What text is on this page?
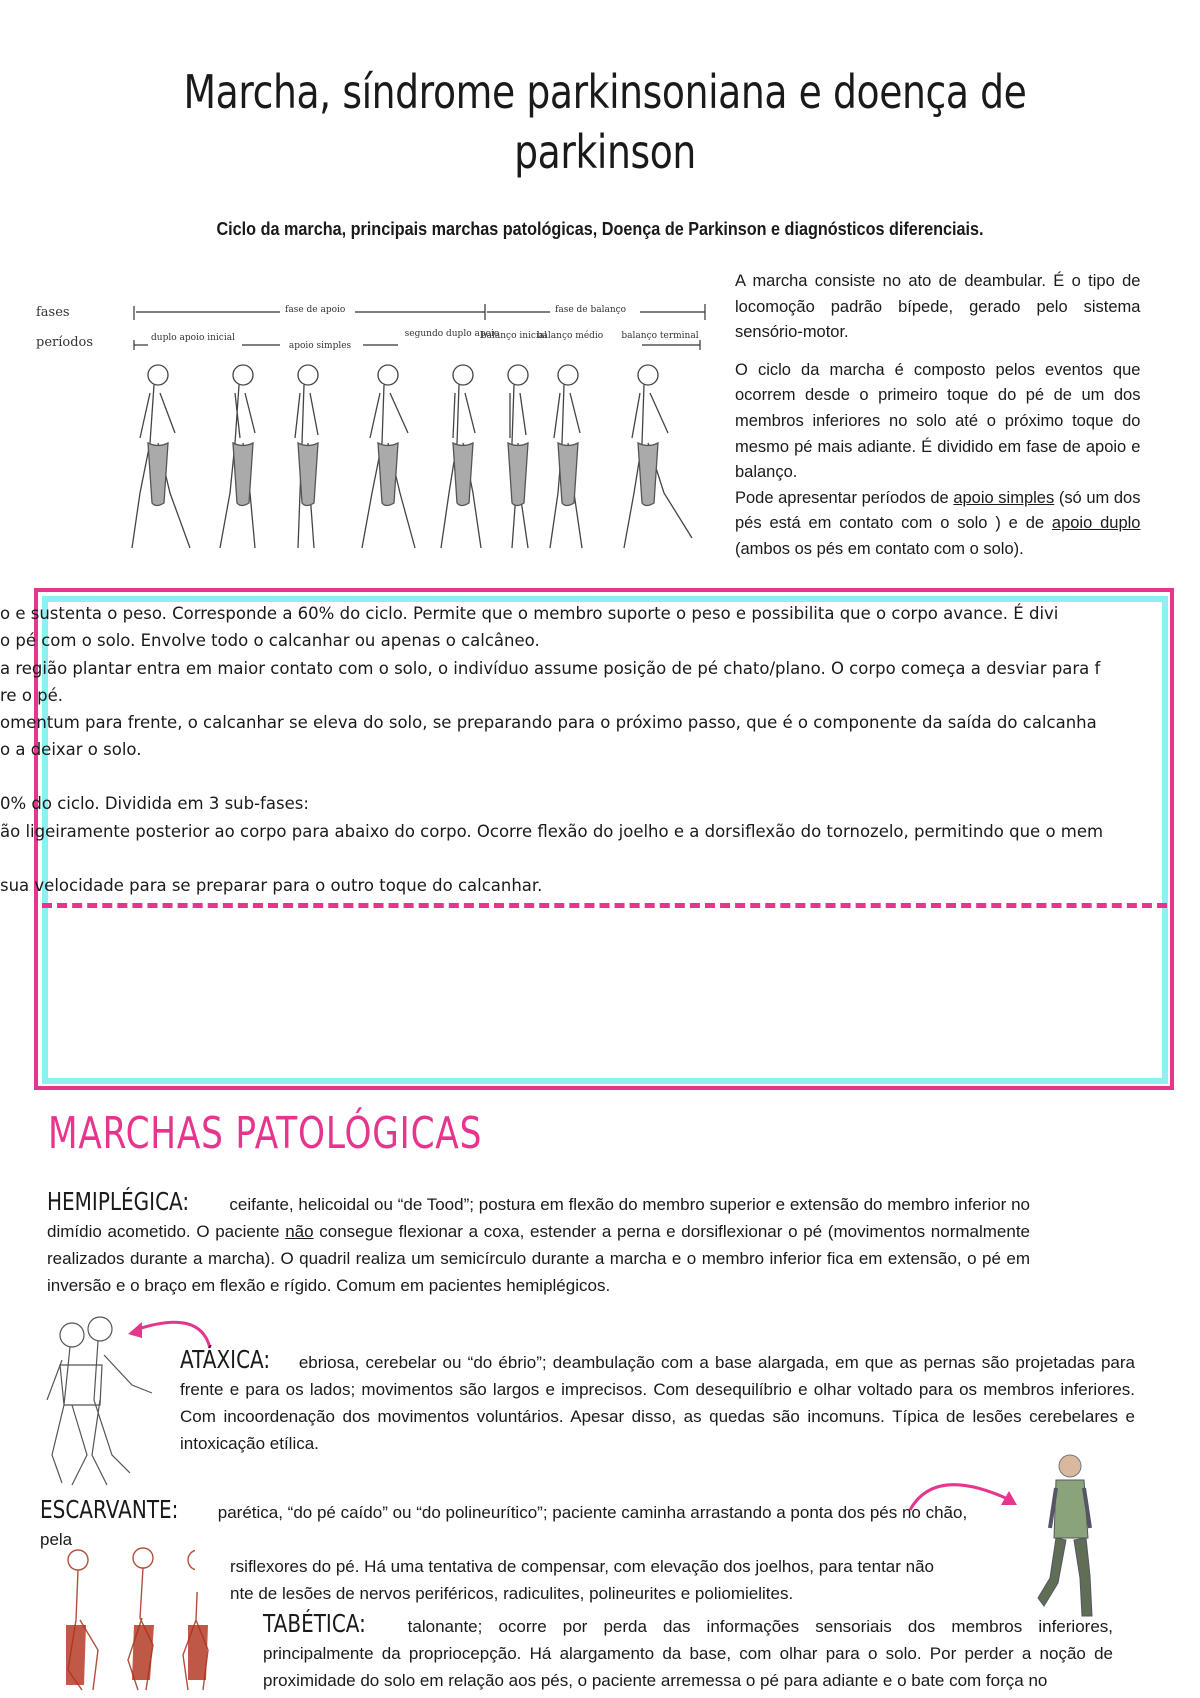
Marcha, síndrome parkinsoniana e doença de parkinson
Ciclo da marcha, principais marchas patológicas, Doença de Parkinson e diagnósticos diferenciais.
fases
períodos
fase de apoio	fase de balanço
duplo apoio inicial
apoio simples
segundo duplo apoio
balanço inicial
balanço médio balanço terminal

A marcha consiste no ato de deambular. É o tipo de locomoção padrão bípede, gerado pelo sistema sensório-motor.

O ciclo da marcha é composto pelos eventos que ocorrem desde o primeiro toque do pé de um dos membros inferiores no solo até o próximo toque do mesmo pé mais adiante. É dividido em fase de apoio e balanço.

Pode apresentar períodos de apoio simples (só um dos pés está em contato com o solo ) e de apoio duplo (ambos os pés em contato com o solo).

o e sustenta o peso. Corresponde a 60% do ciclo. Permite que o membro suporte o peso e possibilita que o corpo avance. É divi
o pé com o solo. Envolve todo o calcanhar ou apenas o calcâneo.
a região plantar entra em maior contato com o solo, o indivíduo assume posição de pé chato/plano. O corpo começa a desviar para f
re o pé.
omentum para frente, o calcanhar se eleva do solo, se preparando para o próximo passo, que é o componente da saída do calcanha
o a deixar o solo.
0% do ciclo. Dividida em 3 sub-fases:
ão ligeiramente posterior ao corpo para abaixo do corpo. Ocorre flexão do joelho e a dorsiflexão do tornozelo, permitindo que o mem
sua velocidade para se preparar para o outro toque do calcanhar.
MARCHAS PATOLÓGICAS
HEMIPLÉGICA: ceifante, helicoidal ou “de Tood”; postura em flexão do membro superior e extensão do membro inferior no dimídio acometido. O paciente não consegue flexionar a coxa, estender a perna e dorsiflexionar o pé (movimentos normalmente realizados durante a marcha). O quadril realiza um semicírculo durante a marcha e o membro inferior fica em extensão, o pé em inversão e o braço em flexão e rígido. Comum em pacientes hemiplégicos.
ATÁXICA: ebriosa, cerebelar ou “do ébrio”; deambulação com a base alargada, em que as pernas são projetadas para frente e para os lados; movimentos são largos e imprecisos. Com desequilíbrio e olhar voltado para os membros inferiores. Com incoordenação dos movimentos voluntários. Apesar disso, as quedas são incomuns. Típica de lesões cerebelares e intoxicação etílica.
ESCARVANTE: parética, “do pé caído” ou “do polineurítico”; paciente caminha arrastando a ponta dos pés no chão, pela
rsiflexores do pé. Há uma tentativa de compensar, com elevação dos joelhos, para tentar não
nte de lesões de nervos periféricos, radiculites, polineurites e poliomielites.
TABÉTICA: talonante; ocorre por perda das informações sensoriais dos membros inferiores, principalmente da propriocepção. Há alargamento da base, com olhar para o solo. Por perder a noção de proximidade do solo em relação aos pés, o paciente arremessa o pé para adiante e o bate com força no
